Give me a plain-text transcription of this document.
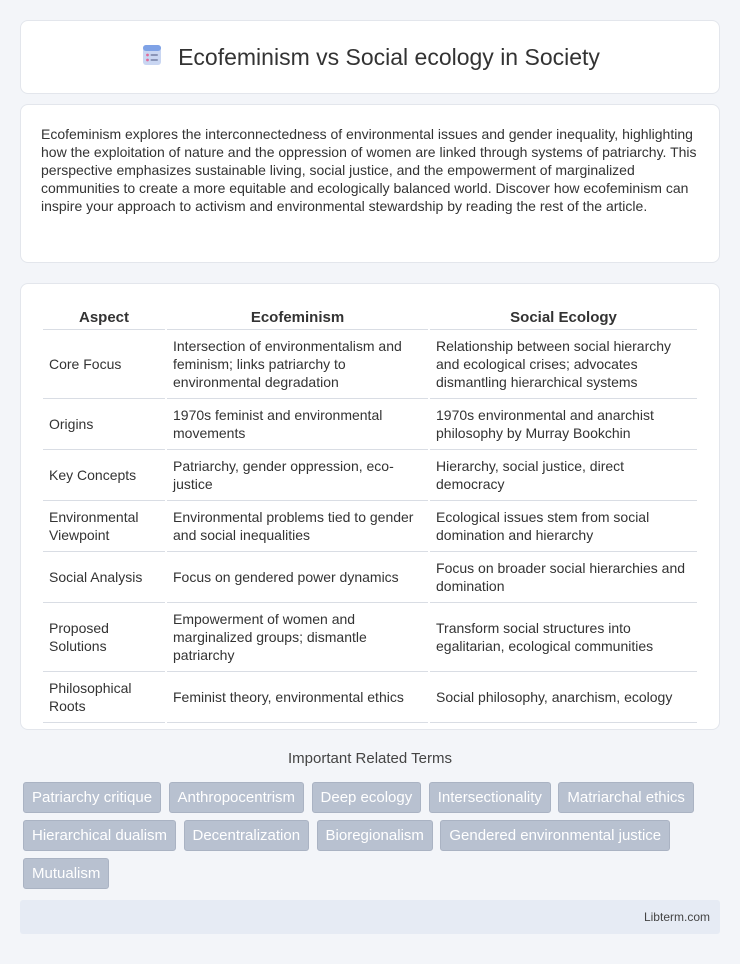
Ecofeminism vs Social ecology in Society

Ecofeminism explores the interconnectedness of environmental issues and gender inequality, highlighting how the exploitation of nature and the oppression of women are linked through systems of patriarchy. This perspective emphasizes sustainable living, social justice, and the empowerment of marginalized communities to create a more equitable and ecologically balanced world. Discover how ecofeminism can inspire your approach to activism and environmental stewardship by reading the rest of the article.

Aspect	Ecofeminism	Social Ecology
Core Focus	Intersection of environmentalism and feminism; links patriarchy to environmental degradation	Relationship between social hierarchy and ecological crises; advocates dismantling hierarchical systems
Origins	1970s feminist and environmental movements	1970s environmental and anarchist philosophy by Murray Bookchin
Key Concepts	Patriarchy, gender oppression, eco-justice	Hierarchy, social justice, direct democracy
Environmental Viewpoint	Environmental problems tied to gender and social inequalities	Ecological issues stem from social domination and hierarchy
Social Analysis	Focus on gendered power dynamics	Focus on broader social hierarchies and domination
Proposed Solutions	Empowerment of women and marginalized groups; dismantle patriarchy	Transform social structures into egalitarian, ecological communities
Philosophical Roots	Feminist theory, environmental ethics	Social philosophy, anarchism, ecology
Important Related Terms
Patriarchy critique Anthropocentrism Deep ecology Intersectionality Matriarchal ethics Hierarchical dualism Decentralization Bioregionalism Gendered environmental justice Mutualism
Libterm.com
